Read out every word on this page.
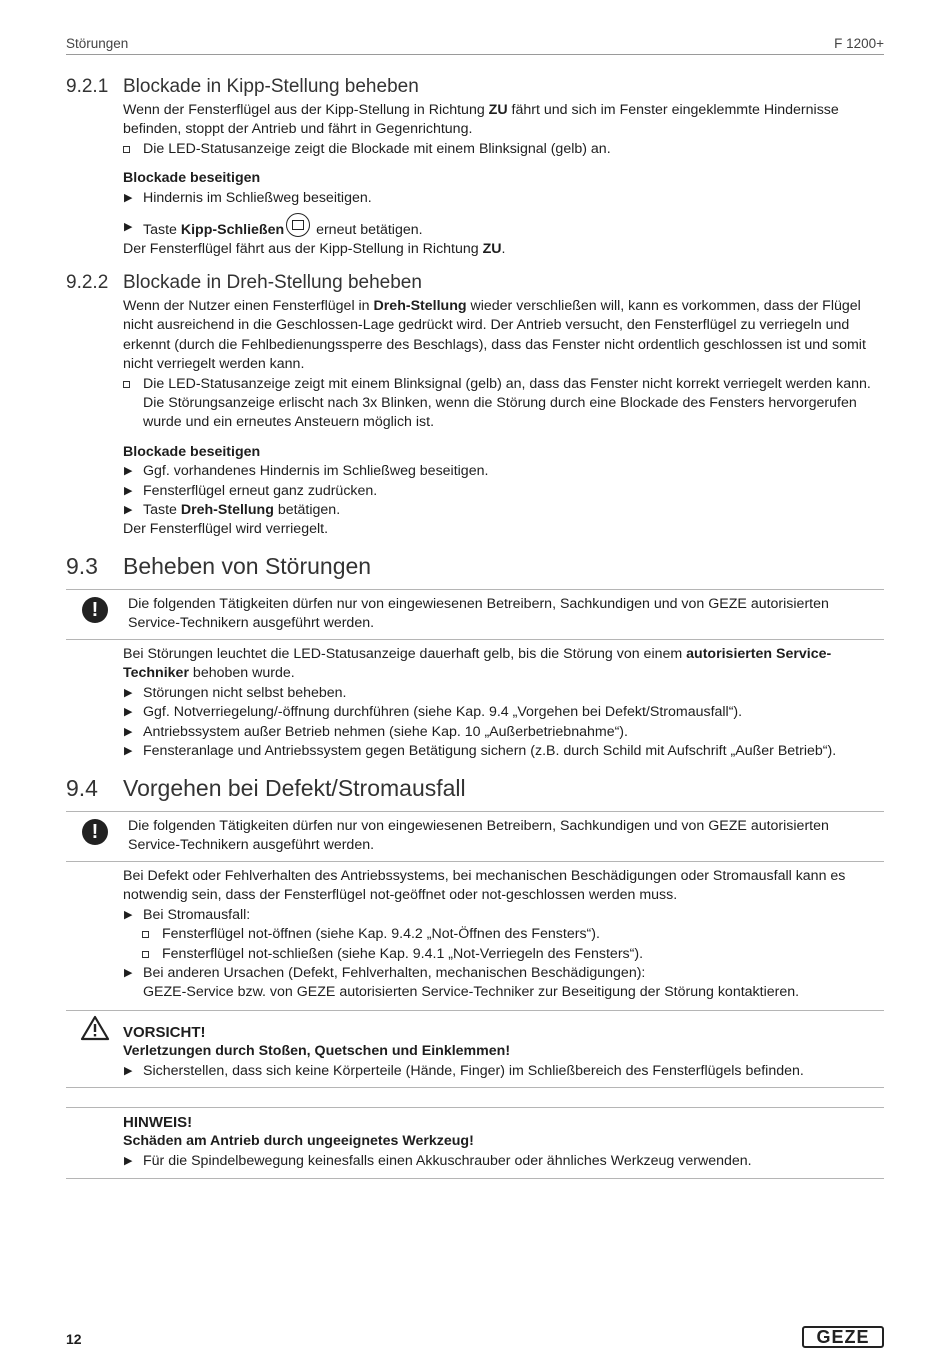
Störungen	F 1200+
9.2.1 Blockade in Kipp-Stellung beheben

Wenn der Fensterflügel aus der Kipp-Stellung in Richtung ZU fährt und sich im Fenster eingeklemmte Hindernisse befinden, stoppt der Antrieb und fährt in Gegenrichtung.

Die LED-Statusanzeige zeigt die Blockade mit einem Blinksignal (gelb) an.

Blockade beseitigen

▶ Hindernis im Schließweg beseitigen.
▶ Taste Kipp-Schließen
erneut betätigen.

Der Fensterflügel fährt aus der Kipp-Stellung in Richtung ZU.

9.2.2 Blockade in Dreh-Stellung beheben

Wenn der Nutzer einen Fensterflügel in Dreh-Stellung wieder verschließen will, kann es vorkommen, dass der Flügel nicht ausreichend in die Geschlossen-Lage gedrückt wird. Der Antrieb versucht, den Fensterflügel zu verriegeln und erkennt (durch die Fehlbedienungssperre des Beschlags), dass das Fenster nicht ordentlich geschlossen ist und somit nicht verriegelt werden kann.

Die LED-Statusanzeige zeigt mit einem Blinksignal (gelb) an, dass das Fenster nicht korrekt verriegelt werden kann. Die Störungsanzeige erlischt nach 3x Blinken, wenn die Störung durch eine Blockade des Fensters hervorgerufen wurde und ein erneutes Ansteuern möglich ist.

Blockade beseitigen

▶ Ggf. vorhandenes Hindernis im Schließweg beseitigen.
▶ Fensterflügel erneut ganz zudrücken.
▶ Taste Dreh-Stellung betätigen.

Der Fensterflügel wird verriegelt.

9.3 Beheben von Störungen
!	Die folgenden Tätigkeiten dürfen nur von eingewiesenen Betreibern, Sachkundigen und von GEZE autorisierten Service-Technikern ausgeführt werden.

Bei Störungen leuchtet die LED-Statusanzeige dauerhaft gelb, bis die Störung von einem autorisierten Service-Techniker behoben wurde.

▶ Störungen nicht selbst beheben.
▶ Ggf. Notverriegelung/-öffnung durchführen (siehe Kap. 9.4 „Vorgehen bei Defekt/Stromausfall“).
▶ Antriebssystem außer Betrieb nehmen (siehe Kap. 10 „Außerbetriebnahme“).
▶ Fensteranlage und Antriebssystem gegen Betätigung sichern (z.B. durch Schild mit Aufschrift „Außer Betrieb“).
9.4 Vorgehen bei Defekt/Stromausfall
!	Die folgenden Tätigkeiten dürfen nur von eingewiesenen Betreibern, Sachkundigen und von GEZE autorisierten Service-Technikern ausgeführt werden.

Bei Defekt oder Fehlverhalten des Antriebssystems, bei mechanischen Beschädigungen oder Stromausfall kann es notwendig sein, dass der Fensterflügel not-geöffnet oder not-geschlossen werden muss.

▶ Bei Stromausfall:
Fensterflügel not-öffnen (siehe Kap. 9.4.2 „Not-Öffnen des Fensters“).
Fensterflügel not-schließen (siehe Kap. 9.4.1 „Not-Verriegeln des Fensters“).
▶ Bei anderen Ursachen (Defekt, Fehlverhalten, mechanischen Beschädigungen):
GEZE-Service bzw. von GEZE autorisierten Service-Techniker zur Beseitigung der Störung kontaktieren.

VORSICHT!

Verletzungen durch Stoßen, Quetschen und Einklemmen!

▶ Sicherstellen, dass sich keine Körperteile (Hände, Finger) im Schließbereich des Fensterflügels befinden.

HINWEIS!

Schäden am Antrieb durch ungeeignetes Werkzeug!

▶ Für die Spindelbewegung keinesfalls einen Akkuschrauber oder ähnliches Werkzeug verwenden.
12	GEZE
